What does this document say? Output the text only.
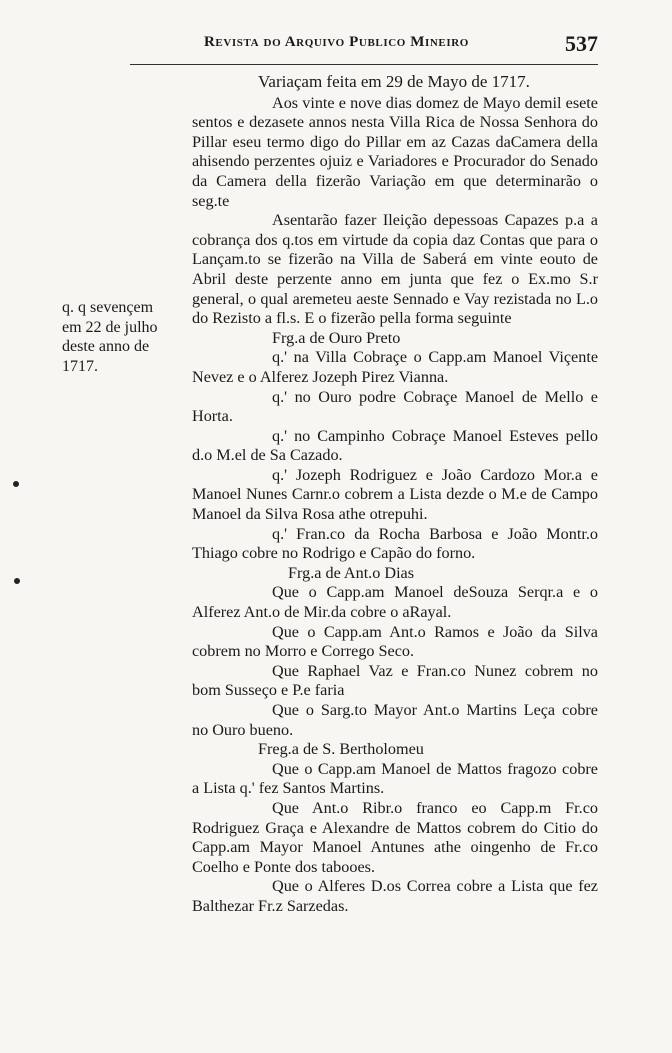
Revista do Arquivo Publico Mineiro	537
q. q sevençem
em 22 de julho
deste anno de
1717.

Variaçam feita em 29 de Mayo de 1717.

Aos vinte e nove dias domez de Mayo demil esete sentos e dezasete annos nesta Villa Rica de Nossa Senhora do Pillar eseu termo digo do Pillar em az Cazas daCamera della ahisendo perzentes ojuiz e Variadores e Procurador do Senado da Camera della fizerão Variação em que determinarão o seg.te

Asentarão fazer Ileição depessoas Capazes p.a a cobrança dos q.tos em virtude da copia daz Contas que para o Lançam.to se fizerão na Villa de Saberá em vinte eouto de Abril deste perzente anno em junta que fez o Ex.mo S.r general, o qual aremeteu aeste Sennado e Vay rezistada no L.o do Rezisto a fl.s. E o fizerão pella forma seguinte

Frg.a de Ouro Preto

q.' na Villa Cobraçe o Capp.am Manoel Viçente Nevez e o Alferez Jozeph Pirez Vianna.

q.' no Ouro podre Cobraçe Manoel de Mello e Horta.

q.' no Campinho Cobraçe Manoel Esteves pello d.o M.el de Sa Cazado.

q.' Jozeph Rodriguez e João Cardozo Mor.a e Manoel Nunes Carnr.o cobrem a Lista dezde o M.e de Campo Manoel da Silva Rosa athe otrepuhi.

q.' Fran.co da Rocha Barbosa e João Montr.o Thiago cobre no Rodrigo e Capão do forno.

Frg.a de Ant.o Dias

Que o Capp.am Manoel deSouza Serqr.a e o Alferez Ant.o de Mir.da cobre o aRayal.

Que o Capp.am Ant.o Ramos e João da Silva cobrem no Morro e Corrego Seco.

Que Raphael Vaz e Fran.co Nunez cobrem no bom Susseço e P.e faria

Que o Sarg.to Mayor Ant.o Martins Leça cobre no Ouro bueno.

Freg.a de S. Bertholomeu

Que o Capp.am Manoel de Mattos fragozo cobre a Lista q.' fez Santos Martins.

Que Ant.o Ribr.o franco eo Capp.m Fr.co Rodriguez Graça e Alexandre de Mattos cobrem do Citio do Capp.am Mayor Manoel Antunes athe oingenho de Fr.co Coelho e Ponte dos tabooes.

Que o Alferes D.os Correa cobre a Lista que fez Balthezar Fr.z Sarzedas.
